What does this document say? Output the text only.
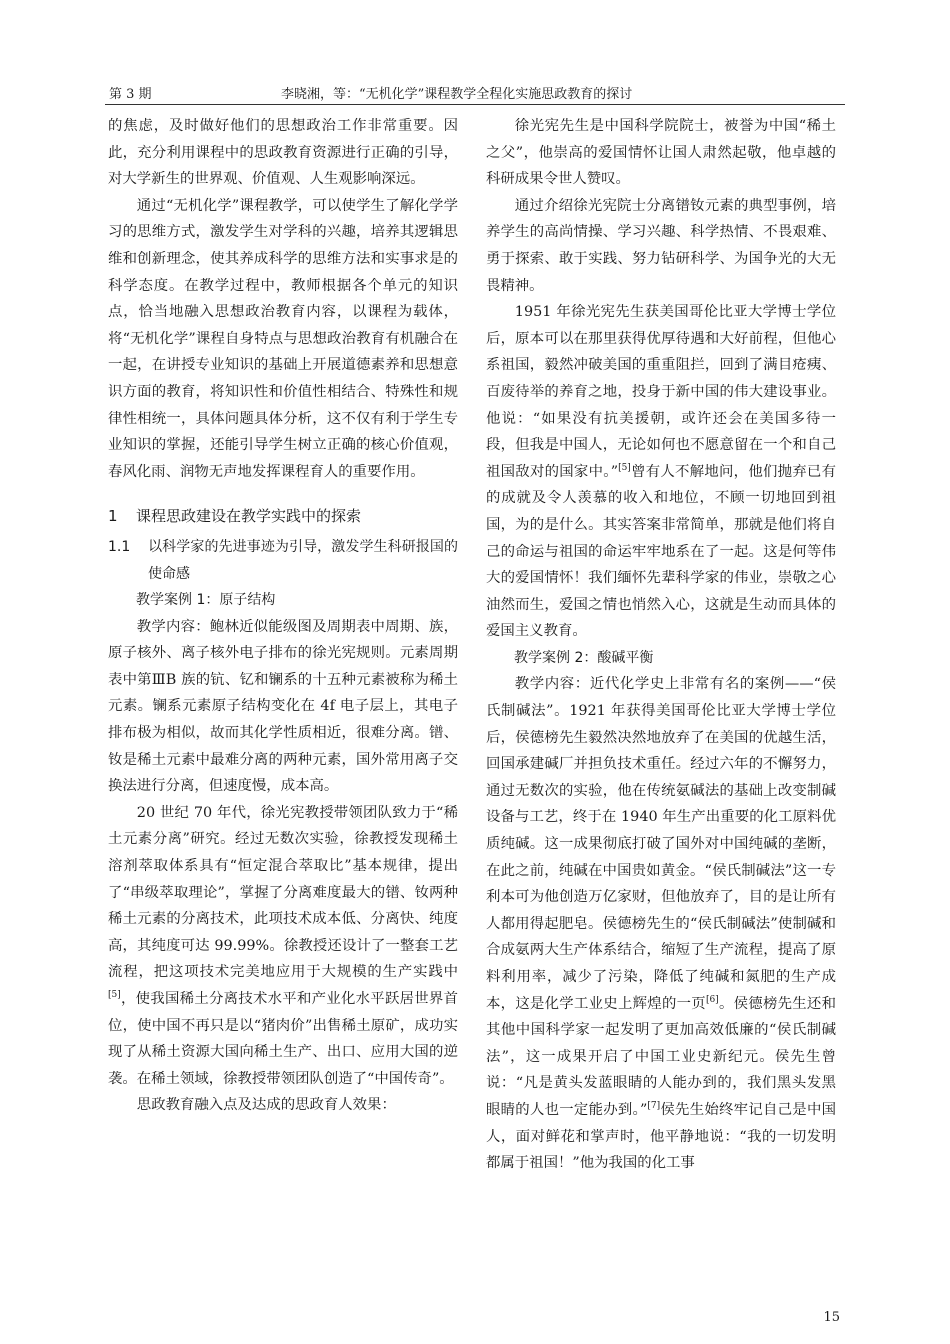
第 3 期	李晓湘，等：“无机化学”课程教学全程化实施思政教育的探讨

的焦虑，及时做好他们的思想政治工作非常重要。因此，充分利用课程中的思政教育资源进行正确的引导，对大学新生的世界观、价值观、人生观影响深远。

通过“无机化学”课程教学，可以使学生了解化学学习的思维方式，激发学生对学科的兴趣，培养其逻辑思维和创新理念，使其养成科学的思维方法和实事求是的科学态度。在教学过程中，教师根据各个单元的知识点，恰当地融入思想政治教育内容，以课程为载体，将“无机化学”课程自身特点与思想政治教育有机融合在一起，在讲授专业知识的基础上开展道德素养和思想意识方面的教育，将知识性和价值性相结合、特殊性和规律性相统一，具体问题具体分析，这不仅有利于学生专业知识的掌握，还能引导学生树立正确的核心价值观，春风化雨、润物无声地发挥课程育人的重要作用。

1 课程思政建设在教学实践中的探索
1.1 以科学家的先进事迹为引导，激发学生科研报国的使命感
教学案例 1：原子结构

教学内容：鲍林近似能级图及周期表中周期、族，原子核外、离子核外电子排布的徐光宪规则。元素周期表中第ⅢB 族的钪、钇和镧系的十五种元素被称为稀土元素。镧系元素原子结构变化在 4f 电子层上，其电子排布极为相似，故而其化学性质相近，很难分离。镨、钕是稀土元素中最难分离的两种元素，国外常用离子交换法进行分离，但速度慢，成本高。

20 世纪 70 年代，徐光宪教授带领团队致力于“稀土元素分离”研究。经过无数次实验，徐教授发现稀土溶剂萃取体系具有“恒定混合萃取比”基本规律，提出了“串级萃取理论”，掌握了分离难度最大的镨、钕两种稀土元素的分离技术，此项技术成本低、分离快、纯度高，其纯度可达 99.99%。徐教授还设计了一整套工艺流程，把这项技术完美地应用于大规模的生产实践中[5]，使我国稀土分离技术水平和产业化水平跃居世界首位，使中国不再只是以“猪肉价”出售稀土原矿，成功实现了从稀土资源大国向稀土生产、出口、应用大国的逆袭。在稀土领域，徐教授带领团队创造了“中国传奇”。

思政教育融入点及达成的思政育人效果：

徐光宪先生是中国科学院院士，被誉为中国“稀土之父”，他崇高的爱国情怀让国人肃然起敬，他卓越的科研成果令世人赞叹。

通过介绍徐光宪院士分离镨钕元素的典型事例，培养学生的高尚情操、学习兴趣、科学热情、不畏艰难、勇于探索、敢于实践、努力钻研科学、为国争光的大无畏精神。

1951 年徐光宪先生获美国哥伦比亚大学博士学位后，原本可以在那里获得优厚待遇和大好前程，但他心系祖国，毅然冲破美国的重重阻拦，回到了满目疮痍、百废待举的养育之地，投身于新中国的伟大建设事业。他说：“如果没有抗美援朝，或许还会在美国多待一段，但我是中国人，无论如何也不愿意留在一个和自己祖国敌对的国家中。”[5]曾有人不解地问，他们抛弃已有的成就及令人羡慕的收入和地位，不顾一切地回到祖国，为的是什么。其实答案非常简单，那就是他们将自己的命运与祖国的命运牢牢地系在了一起。这是何等伟大的爱国情怀！我们缅怀先辈科学家的伟业，崇敬之心油然而生，爱国之情也悄然入心，这就是生动而具体的爱国主义教育。

教学案例 2：酸碱平衡

教学内容：近代化学史上非常有名的案例——“侯氏制碱法”。1921 年获得美国哥伦比亚大学博士学位后，侯德榜先生毅然决然地放弃了在美国的优越生活，回国承建碱厂并担负技术重任。经过六年的不懈努力，通过无数次的实验，他在传统氨碱法的基础上改变制碱设备与工艺，终于在 1940 年生产出重要的化工原料优质纯碱。这一成果彻底打破了国外对中国纯碱的垄断，在此之前，纯碱在中国贵如黄金。“侯氏制碱法”这一专利本可为他创造万亿家财，但他放弃了，目的是让所有人都用得起肥皂。侯德榜先生的“侯氏制碱法”使制碱和合成氨两大生产体系结合，缩短了生产流程，提高了原料利用率，减少了污染，降低了纯碱和氮肥的生产成本，这是化学工业史上辉煌的一页[6]。侯德榜先生还和其他中国科学家一起发明了更加高效低廉的“侯氏制碱法”，这一成果开启了中国工业史新纪元。侯先生曾说：“凡是黄头发蓝眼睛的人能办到的，我们黑头发黑眼睛的人也一定能办到。”[7]侯先生始终牢记自己是中国人，面对鲜花和掌声时，他平静地说：“我的一切发明都属于祖国！”他为我国的化工事

15
